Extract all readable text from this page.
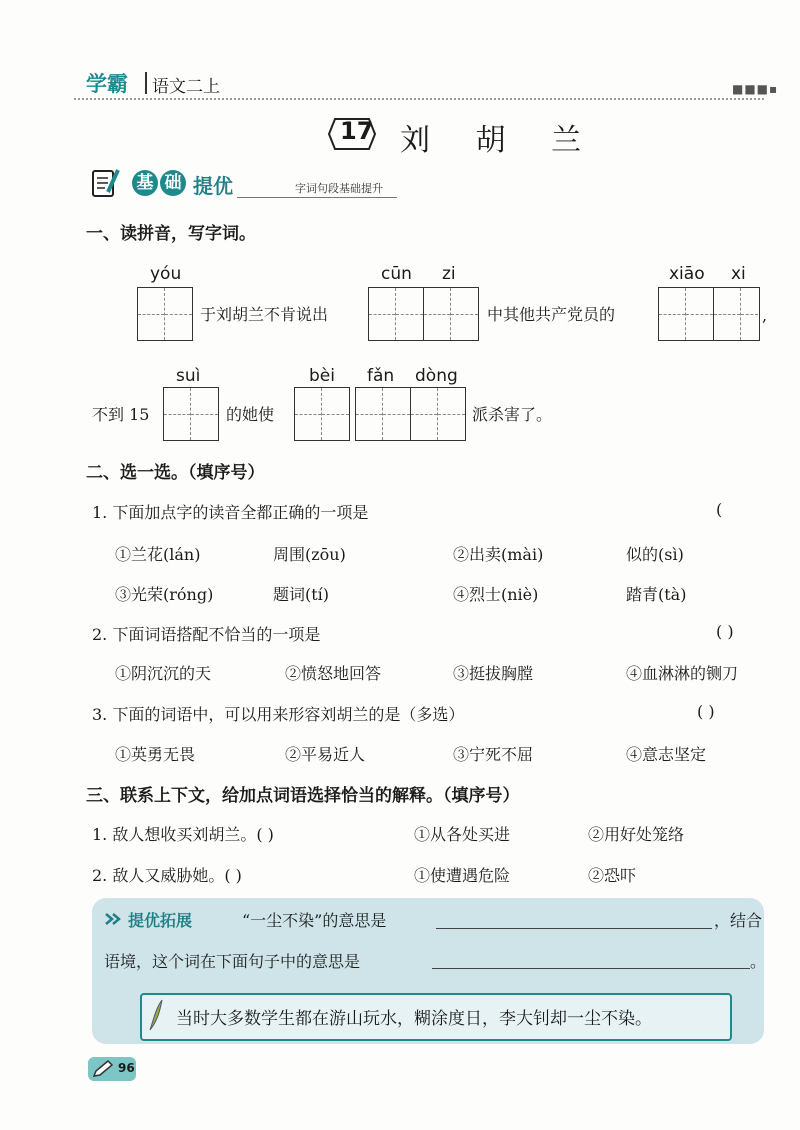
学霸 语文二上	■■■▪
17 刘 胡 兰
基 础 提优	字词句段基础提升
一、读拼音，写字词。
yóu	cūn zi	xiāo xi
于刘胡兰不肯说出	中其他共产党员的	,
suì	bèi fǎn dòng
不到 15	的她使	派杀害了。
二、选一选。（填序号）
1. 下面加点字的读音全都正确的一项是	(
①兰花(lán)	周围(zōu)	②出卖(mài)	似的(sì)
③光荣(róng)	题词(tí)	④烈士(niè)	踏青(tà)
2. 下面词语搭配不恰当的一项是	( )
①阴沉沉的天	②愤怒地回答	③挺拔胸膛	④血淋淋的铡刀
3. 下面的词语中，可以用来形容刘胡兰的是（多选）	( )
①英勇无畏	②平易近人	③宁死不屈	④意志坚定
三、联系上下文，给加点词语选择恰当的解释。（填序号）
1. 敌人想收买刘胡兰。( )	①从各处买进	②用好处笼络
2. 敌人又威胁她。( )	①使遭遇危险	②恐吓
提优拓展	“一尘不染”的意思是	，结合
语境，这个词在下面句子中的意思是	。
当时大多数学生都在游山玩水，糊涂度日，李大钊却一尘不染。
96
